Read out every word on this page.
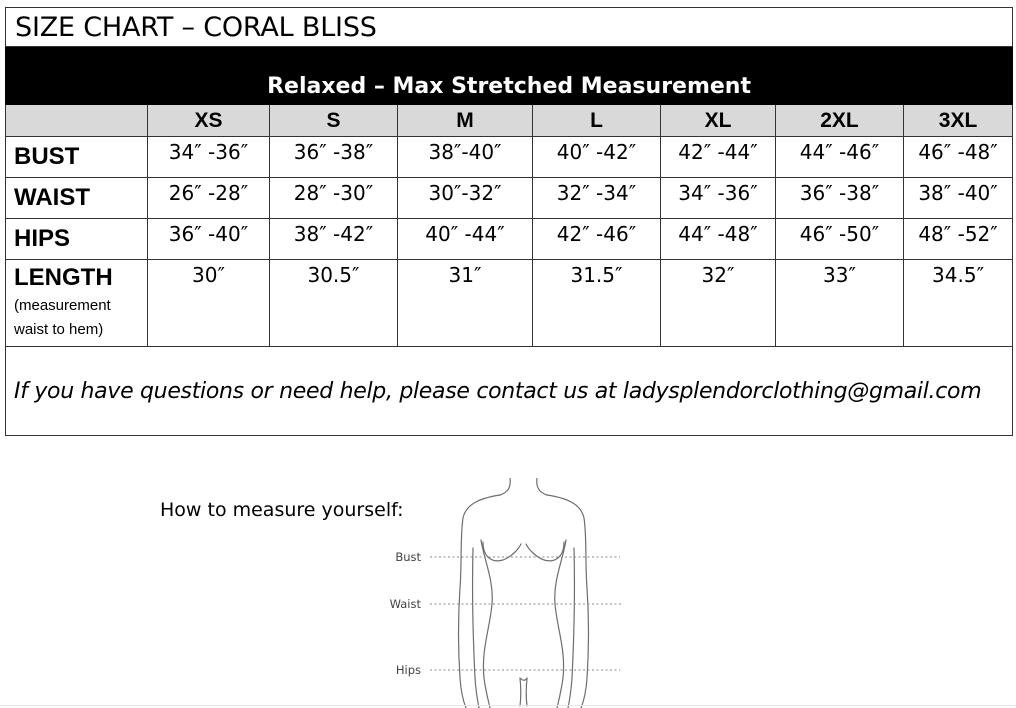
SIZE CHART – CORAL BLISS							
Relaxed – Max Stretched Measurement							
	XS	S	M	L	XL	2XL	3XL
BUST	34″ -36″	36″ -38″	38″-40″	40″ -42″	42″ -44″	44″ -46″	46″ -48″
WAIST	26″ -28″	28″ -30″	30″-32″	32″ -34″	34″ -36″	36″ -38″	38″ -40″
HIPS	36″ -40″	38″ -42″	40″ -44″	42″ -46″	44″ -48″	46″ -50″	48″ -52″
LENGTH
(measurement waist to hem)	30″	30.5″	31″	31.5″	32″	33″	34.5″
If you have questions or need help, please contact us at ladysplendorclothing@gmail.com							
How to measure yourself:
Bust
Waist
Hips
